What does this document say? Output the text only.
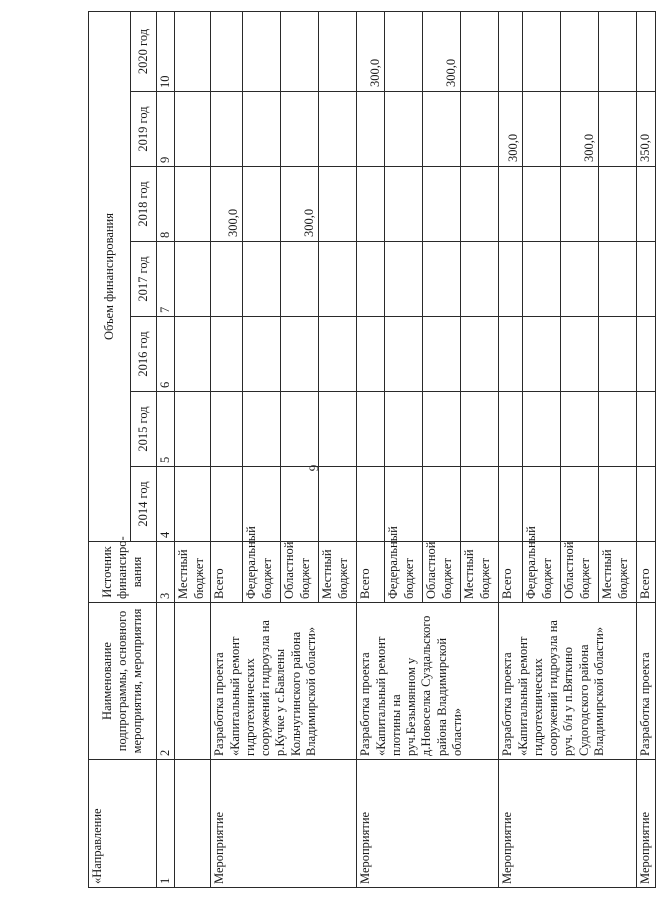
9
«Направление	Наименование подпрограммы, основного мероприятия, мероприятия	Источник финансиро-вания	Объем финансирования						
			2014 год	2015 год	2016 год	2017 год	2018 год	2019 год	2020 год
1	2	3	4	5	6	7	8	9	10
		Местный бюджет							
Мероприятие	Разработка проекта «Капитальный ремонт гидротехнических сооружений гидроузла на р.Кучке у с.Бавлены Кольчугинского района Владимирской области»	Всего					300,0		
		Федеральный бюджет							
		Областной бюджет					300,0		
		Местный бюджет							
Мероприятие	Разработка проекта «Капитальный ремонт плотины на руч.Безымянном у д.Новоселка Суздальского района Владимирской области»	Всего							300,0
		Федеральный бюджет							
		Областной бюджет							300,0
		Местный бюджет							
Мероприятие	Разработка проекта «Капитальный ремонт гидротехнических сооружений гидроузла на руч. б/н у п.Вяткино Судогодского района Владимирской области»	Всего						300,0	
		Федеральный бюджет							
		Областной бюджет						300,0	
		Местный бюджет							
Мероприятие	Разработка проекта	Всего						350,0	
